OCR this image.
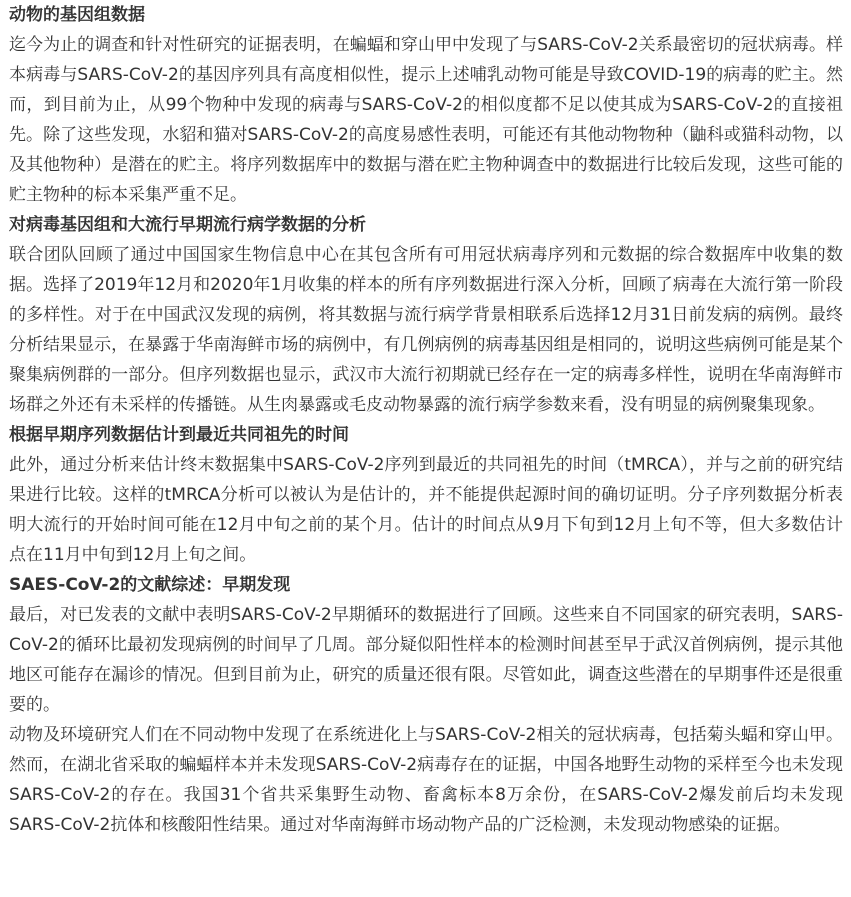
动物的基因组数据

迄今为止的调查和针对性研究的证据表明，在蝙蝠和穿山甲中发现了与SARS-CoV-2关系最密切的冠状病毒。样本病毒与SARS-CoV-2的基因序列具有高度相似性，提示上述哺乳动物可能是导致COVID-19的病毒的贮主。然而，到目前为止，从99个物种中发现的病毒与SARS-CoV-2的相似度都不足以使其成为SARS-CoV-2的直接祖先。除了这些发现，水貂和猫对SARS-CoV-2的高度易感性表明，可能还有其他动物物种（鼬科或猫科动物，以及其他物种）是潜在的贮主。将序列数据库中的数据与潜在贮主物种调查中的数据进行比较后发现，这些可能的贮主物种的标本采集严重不足。

对病毒基因组和大流行早期流行病学数据的分析

联合团队回顾了通过中国国家生物信息中心在其包含所有可用冠状病毒序列和元数据的综合数据库中收集的数据。选择了2019年12月和2020年1月收集的样本的所有序列数据进行深入分析，回顾了病毒在大流行第一阶段的多样性。对于在中国武汉发现的病例，将其数据与流行病学背景相联系后选择12月31日前发病的病例。最终分析结果显示，在暴露于华南海鲜市场的病例中，有几例病例的病毒基因组是相同的，说明这些病例可能是某个聚集病例群的一部分。但序列数据也显示，武汉市大流行初期就已经存在一定的病毒多样性，说明在华南海鲜市场群之外还有未采样的传播链。从生肉暴露或毛皮动物暴露的流行病学参数来看，没有明显的病例聚集现象。

根据早期序列数据估计到最近共同祖先的时间

此外，通过分析来估计终末数据集中SARS-CoV-2序列到最近的共同祖先的时间（tMRCA），并与之前的研究结果进行比较。这样的tMRCA分析可以被认为是估计的，并不能提供起源时间的确切证明。分子序列数据分析表明大流行的开始时间可能在12月中旬之前的某个月。估计的时间点从9月下旬到12月上旬不等，但大多数估计点在11月中旬到12月上旬之间。

SAES-CoV-2的文献综述：早期发现

最后，对已发表的文献中表明SARS-CoV-2早期循环的数据进行了回顾。这些来自不同国家的研究表明，SARS-CoV-2的循环比最初发现病例的时间早了几周。部分疑似阳性样本的检测时间甚至早于武汉首例病例，提示其他地区可能存在漏诊的情况。但到目前为止，研究的质量还很有限。尽管如此，调查这些潜在的早期事件还是很重要的。

动物及环境研究人们在不同动物中发现了在系统进化上与SARS-CoV-2相关的冠状病毒，包括菊头蝠和穿山甲。然而，在湖北省采取的蝙蝠样本并未发现SARS-CoV-2病毒存在的证据，中国各地野生动物的采样至今也未发现SARS-CoV-2的存在。我国31个省共采集野生动物、畜禽标本8万余份，在SARS-CoV-2爆发前后均未发现SARS-CoV-2抗体和核酸阳性结果。通过对华南海鲜市场动物产品的广泛检测，未发现动物感染的证据。
